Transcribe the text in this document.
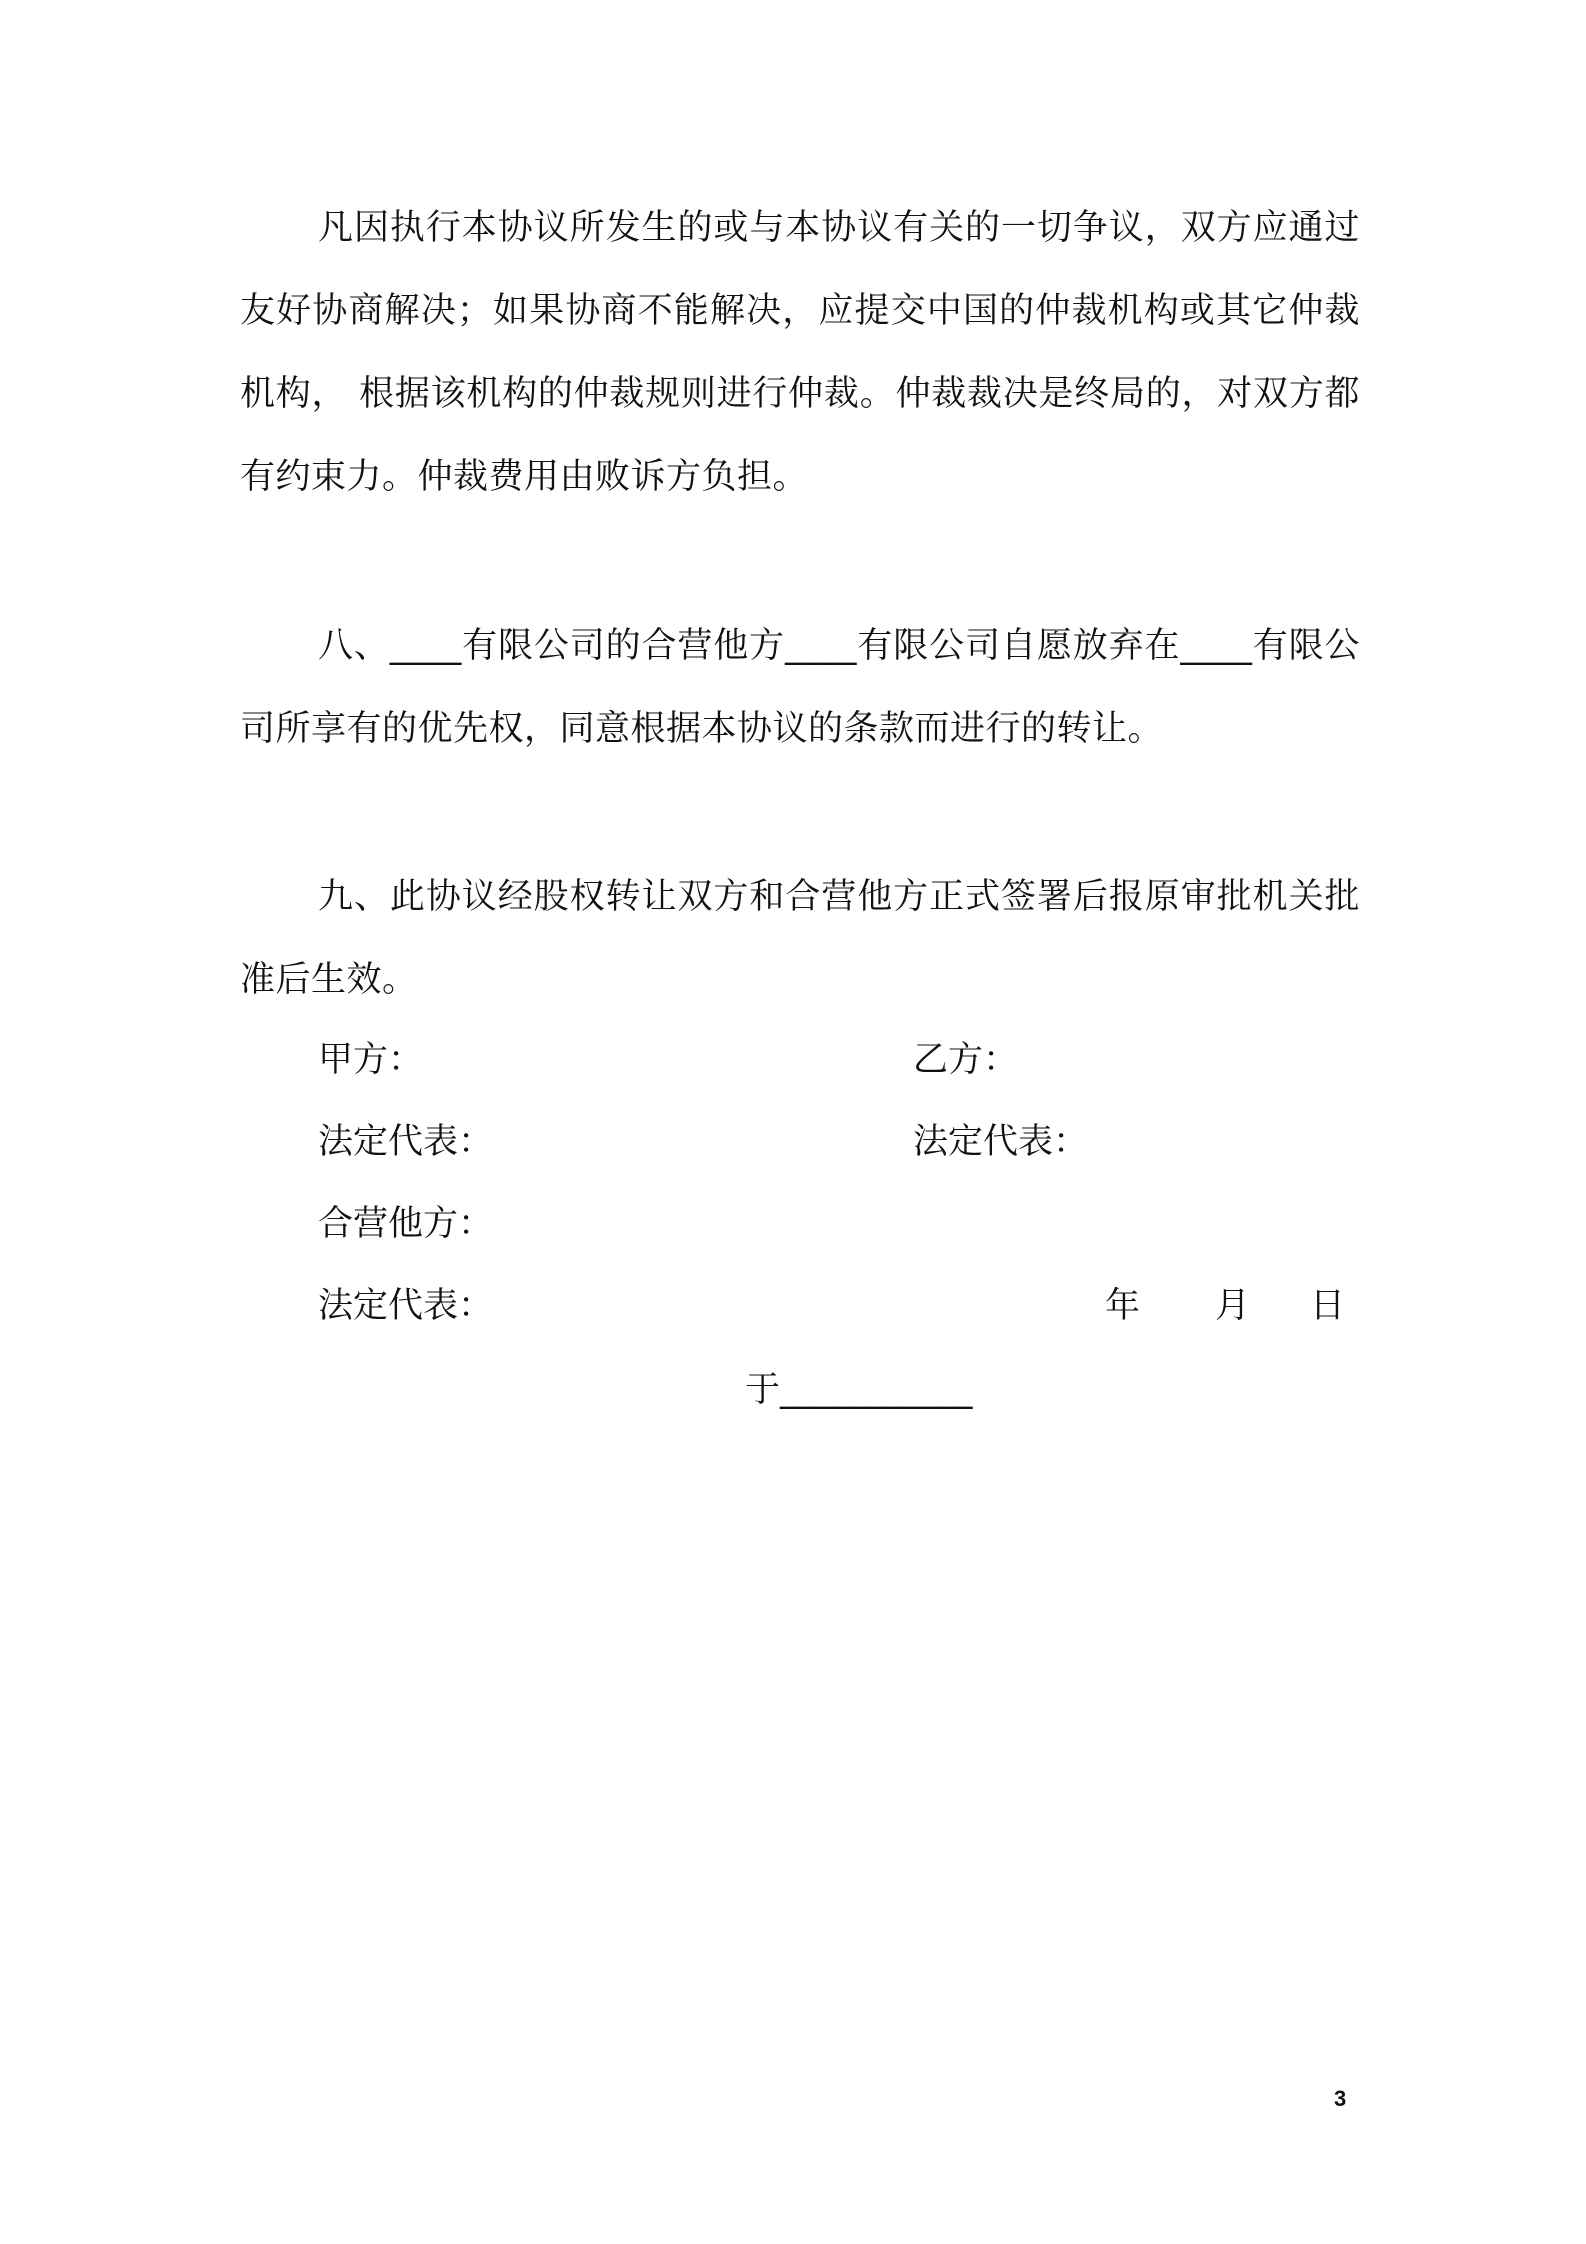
凡因执行本协议所发生的或与本协议有关的一切争议，双方应通过友好协商解决；如果协商不能解决，应提交中国的仲裁机构或其它仲裁机构， 根据该机构的仲裁规则进行仲裁。仲裁裁决是终局的，对双方都有约束力。仲裁费用由败诉方负担。

八、____有限公司的合营他方____有限公司自愿放弃在____有限公司所享有的优先权，同意根据本协议的条款而进行的转让。

九、此协议经股权转让双方和合营他方正式签署后报原审批机关批准后生效。

甲方：	乙方：
法定代表：	法定代表：
合营他方：
法定代表：	年 月 日
于___________
3
